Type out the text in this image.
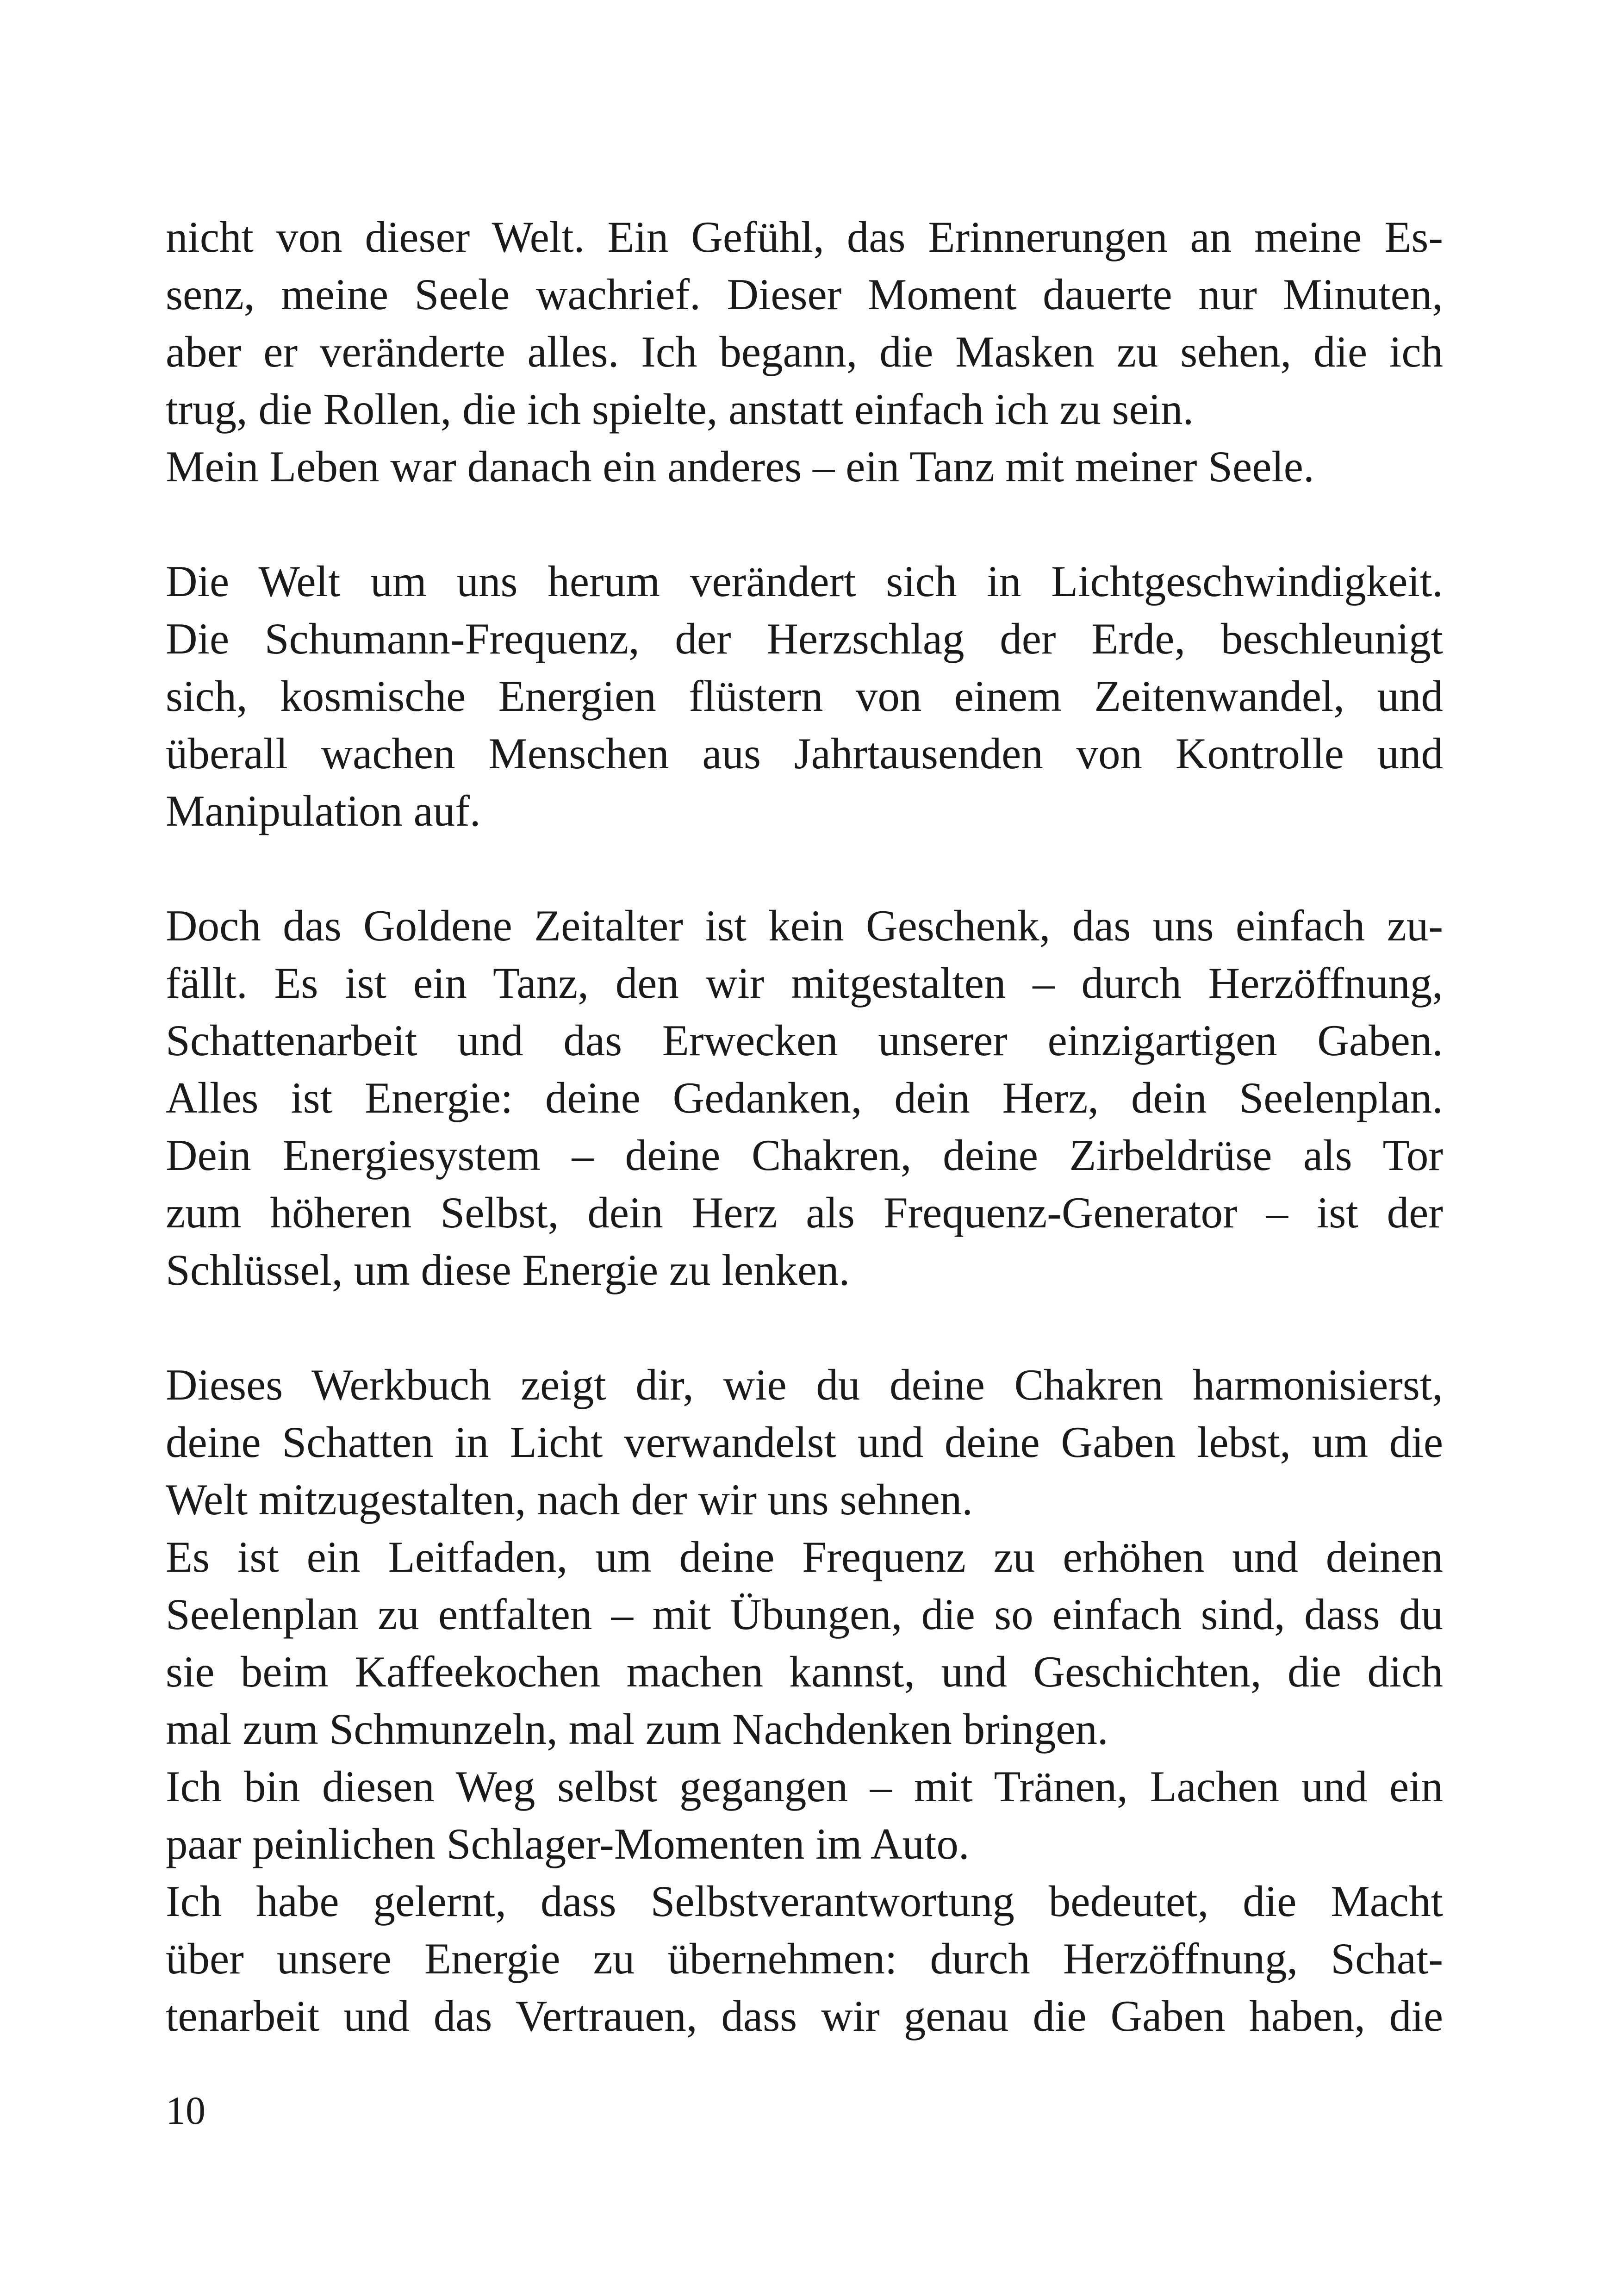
nicht von dieser Welt. Ein Gefühl, das Erinnerungen an meine Es-
senz, meine Seele wachrief. Dieser Moment dauerte nur Minuten,
aber er veränderte alles. Ich begann, die Masken zu sehen, die ich
trug, die Rollen, die ich spielte, anstatt einfach ich zu sein.

Mein Leben war danach ein anderes – ein Tanz mit meiner Seele.

Die Welt um uns herum verändert sich in Lichtgeschwindigkeit.
Die Schumann-Frequenz, der Herzschlag der Erde, beschleunigt
sich, kosmische Energien flüstern von einem Zeitenwandel, und
überall wachen Menschen aus Jahrtausenden von Kontrolle und
Manipulation auf.

Doch das Goldene Zeitalter ist kein Geschenk, das uns einfach zu-
fällt. Es ist ein Tanz, den wir mitgestalten – durch Herzöffnung,
Schattenarbeit und das Erwecken unserer einzigartigen Gaben.
Alles ist Energie: deine Gedanken, dein Herz, dein Seelenplan.
Dein Energiesystem – deine Chakren, deine Zirbeldrüse als Tor
zum höheren Selbst, dein Herz als Frequenz-Generator – ist der
Schlüssel, um diese Energie zu lenken.

Dieses Werkbuch zeigt dir, wie du deine Chakren harmonisierst,
deine Schatten in Licht verwandelst und deine Gaben lebst, um die
Welt mitzugestalten, nach der wir uns sehnen.

Es ist ein Leitfaden, um deine Frequenz zu erhöhen und deinen
Seelenplan zu entfalten – mit Übungen, die so einfach sind, dass du
sie beim Kaffeekochen machen kannst, und Geschichten, die dich
mal zum Schmunzeln, mal zum Nachdenken bringen.

Ich bin diesen Weg selbst gegangen – mit Tränen, Lachen und ein
paar peinlichen Schlager-Momenten im Auto.

Ich habe gelernt, dass Selbstverantwortung bedeutet, die Macht
über unsere Energie zu übernehmen: durch Herzöffnung, Schat-
tenarbeit und das Vertrauen, dass wir genau die Gaben haben, die

10
